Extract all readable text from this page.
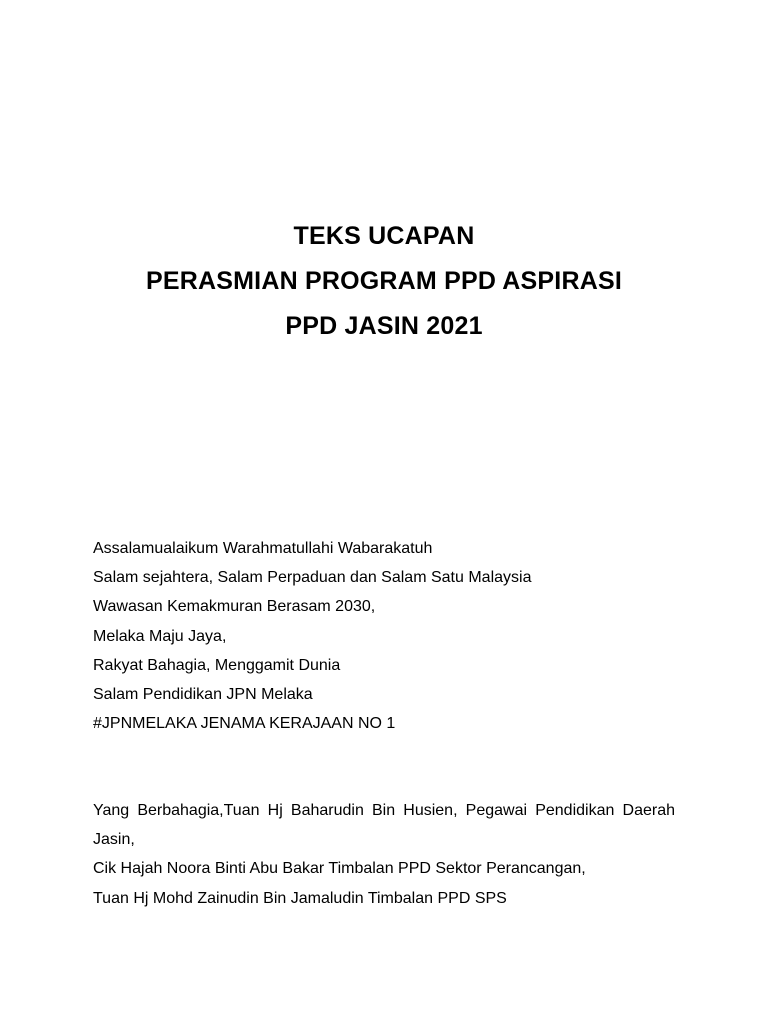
TEKS UCAPAN
PERASMIAN PROGRAM PPD ASPIRASI
PPD JASIN 2021
Assalamualaikum Warahmatullahi Wabarakatuh
Salam sejahtera, Salam Perpaduan dan Salam Satu Malaysia
Wawasan Kemakmuran Berasam 2030,
Melaka Maju Jaya,
Rakyat Bahagia, Menggamit Dunia
Salam Pendidikan JPN Melaka
#JPNMELAKA JENAMA KERAJAAN NO 1
Yang Berbahagia,Tuan Hj Baharudin Bin Husien, Pegawai Pendidikan Daerah Jasin,
Cik Hajah Noora Binti Abu Bakar Timbalan PPD Sektor Perancangan,
Tuan Hj Mohd Zainudin Bin Jamaludin Timbalan PPD SPS
